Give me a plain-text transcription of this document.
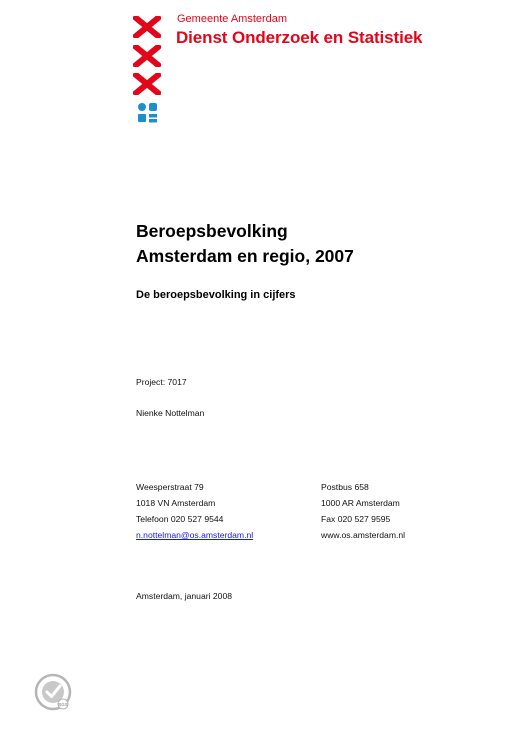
Gemeente Amsterdam
Dienst Onderzoek en Statistiek
Beroepsbevolking
Amsterdam en regio, 2007
De beroepsbevolking in cijfers
Project: 7017
Nienke Nottelman
Weesperstraat 79
1018 VN Amsterdam
Telefoon 020 527 9544
n.nottelman@os.amsterdam.nl
Postbus 658
1000 AR Amsterdam
Fax 020 527 9595
www.os.amsterdam.nl
Amsterdam, januari 2008
SGS
